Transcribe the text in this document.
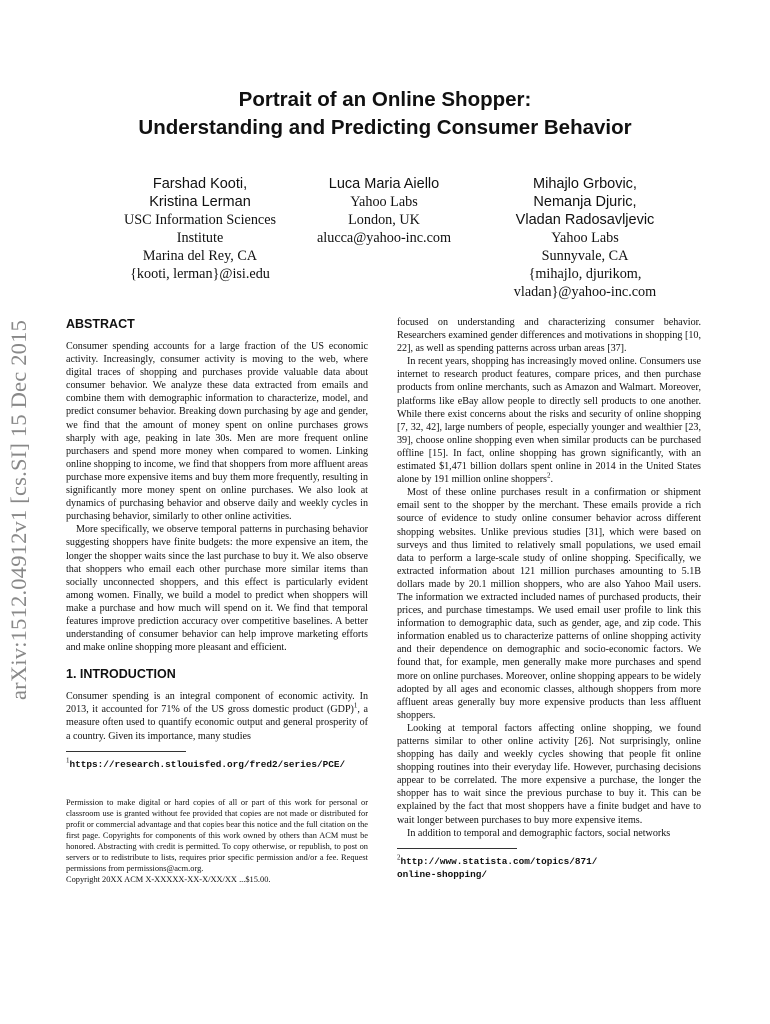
arXiv:1512.04912v1 [cs.SI] 15 Dec 2015
Portrait of an Online Shopper:
Understanding and Predicting Consumer Behavior
Farshad Kooti,
Kristina Lerman
USC Information Sciences
Institute
Marina del Rey, CA
{kooti, lerman}@isi.edu
Luca Maria Aiello
Yahoo Labs
London, UK
alucca@yahoo-inc.com
Mihajlo Grbovic,
Nemanja Djuric,
Vladan Radosavljevic
Yahoo Labs
Sunnyvale, CA
{mihajlo, djurikom,
vladan}@yahoo-inc.com
ABSTRACT

Consumer spending accounts for a large fraction of the US economic activity. Increasingly, consumer activity is moving to the web, where digital traces of shopping and purchases provide valuable data about consumer behavior. We analyze these data extracted from emails and combine them with demographic information to characterize, model, and predict consumer behavior. Breaking down purchasing by age and gender, we find that the amount of money spent on online purchases grows sharply with age, peaking in late 30s. Men are more frequent online purchasers and spend more money when compared to women. Linking online shopping to income, we find that shoppers from more affluent areas purchase more expensive items and buy them more frequently, resulting in significantly more money spent on online purchases. We also look at dynamics of purchasing behavior and observe daily and weekly cycles in purchasing behavior, similarly to other online activities.

More specifically, we observe temporal patterns in purchasing behavior suggesting shoppers have finite budgets: the more expensive an item, the longer the shopper waits since the last purchase to buy it. We also observe that shoppers who email each other purchase more similar items than socially unconnected shoppers, and this effect is particularly evident among women. Finally, we build a model to predict when shoppers will make a purchase and how much will spend on it. We find that temporal features improve prediction accuracy over competitive baselines. A better understanding of consumer behavior can help improve marketing efforts and make online shopping more pleasant and efficient.

1. INTRODUCTION

Consumer spending is an integral component of economic activity. In 2013, it accounted for 71% of the US gross domestic product (GDP)$^1$, a measure often used to quantify economic output and general prosperity of a country. Given its importance, many studies

$^1$https://research.stlouisfed.org/fred2/series/PCE/

Permission to make digital or hard copies of all or part of this work for personal or classroom use is granted without fee provided that copies are not made or distributed for profit or commercial advantage and that copies bear this notice and the full citation on the first page. Copyrights for components of this work owned by others than ACM must be honored. Abstracting with credit is permitted. To copy otherwise, or republish, to post on servers or to redistribute to lists, requires prior specific permission and/or a fee. Request permissions from permissions@acm.org.

Copyright 20XX ACM X-XXXXX-XX-X/XX/XX ...$15.00.

focused on understanding and characterizing consumer behavior. Researchers examined gender differences and motivations in shopping [10, 22], as well as spending patterns across urban areas [37].

In recent years, shopping has increasingly moved online. Consumers use internet to research product features, compare prices, and then purchase products from online merchants, such as Amazon and Walmart. Moreover, platforms like eBay allow people to directly sell products to one another. While there exist concerns about the risks and security of online shopping [7, 32, 42], large numbers of people, especially younger and wealthier [23, 39], choose online shopping even when similar products can be purchased offline [15]. In fact, online shopping has grown significantly, with an estimated $1,471 billion dollars spent online in 2014 in the United States alone by 191 million online shoppers$^2$.

Most of these online purchases result in a confirmation or shipment email sent to the shopper by the merchant. These emails provide a rich source of evidence to study online consumer behavior across different shopping websites. Unlike previous studies [31], which were based on surveys and thus limited to relatively small populations, we used email data to perform a large-scale study of online shopping. Specifically, we extracted information about 121 million purchases amounting to 5.1B dollars made by 20.1 million shoppers, who are also Yahoo Mail users. The information we extracted included names of purchased products, their prices, and purchase timestamps. We used email user profile to link this information to demographic data, such as gender, age, and zip code. This information enabled us to characterize patterns of online shopping activity and their dependence on demographic and socio-economic factors. We found that, for example, men generally make more purchases and spend more on online purchases. Moreover, online shopping appears to be widely adopted by all ages and economic classes, although shoppers from more affluent areas generally buy more expensive products than less affluent shoppers.

Looking at temporal factors affecting online shopping, we found patterns similar to other online activity [26]. Not surprisingly, online shopping has daily and weekly cycles showing that people fit online shopping routines into their everyday life. However, purchasing decisions appear to be correlated. The more expensive a purchase, the longer the shopper has to wait since the previous purchase to buy it. This can be explained by the fact that most shoppers have a finite budget and have to wait longer between purchases to buy more expensive items.

In addition to temporal and demographic factors, social networks

$^2$http://www.statista.com/topics/871/
online-shopping/
